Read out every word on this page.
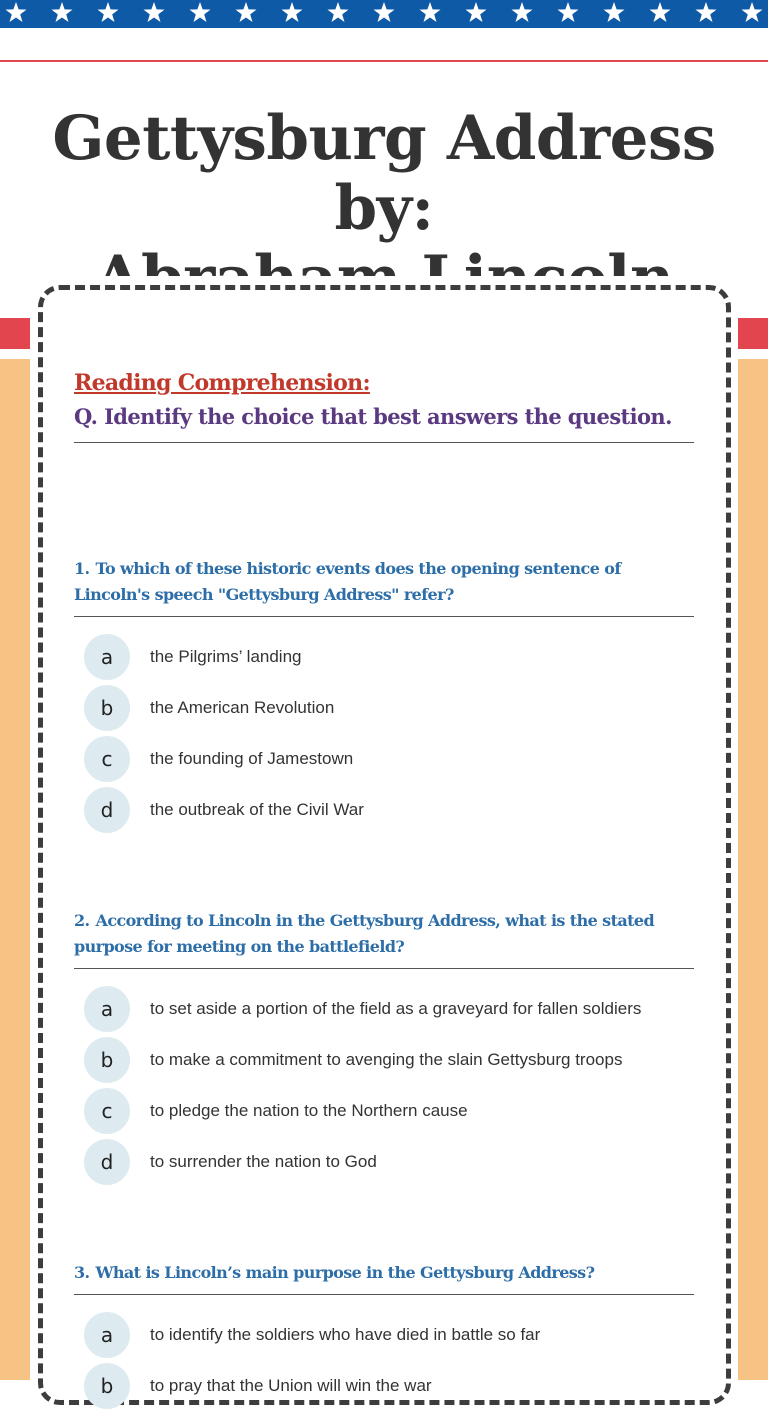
Gettysburg Address by:

Reading Comprehension:
Q. Identify the choice that best answers the question.
1. To which of these historic events does the opening sentence of Lincoln's speech "Gettysburg Address" refer?
a	the Pilgrims’ landing
b	the American Revolution
c	the founding of Jamestown
d	the outbreak of the Civil War
2. According to Lincoln in the Gettysburg Address, what is the stated purpose for meeting on the battlefield?
a	to set aside a portion of the field as a graveyard for fallen soldiers
b	to make a commitment to avenging the slain Gettysburg troops
c	to pledge the nation to the Northern cause
d	to surrender the nation to God
3. What is Lincoln’s main purpose in the Gettysburg Address?
a	to identify the soldiers who have died in battle so far
b	to pray that the Union will win the war
